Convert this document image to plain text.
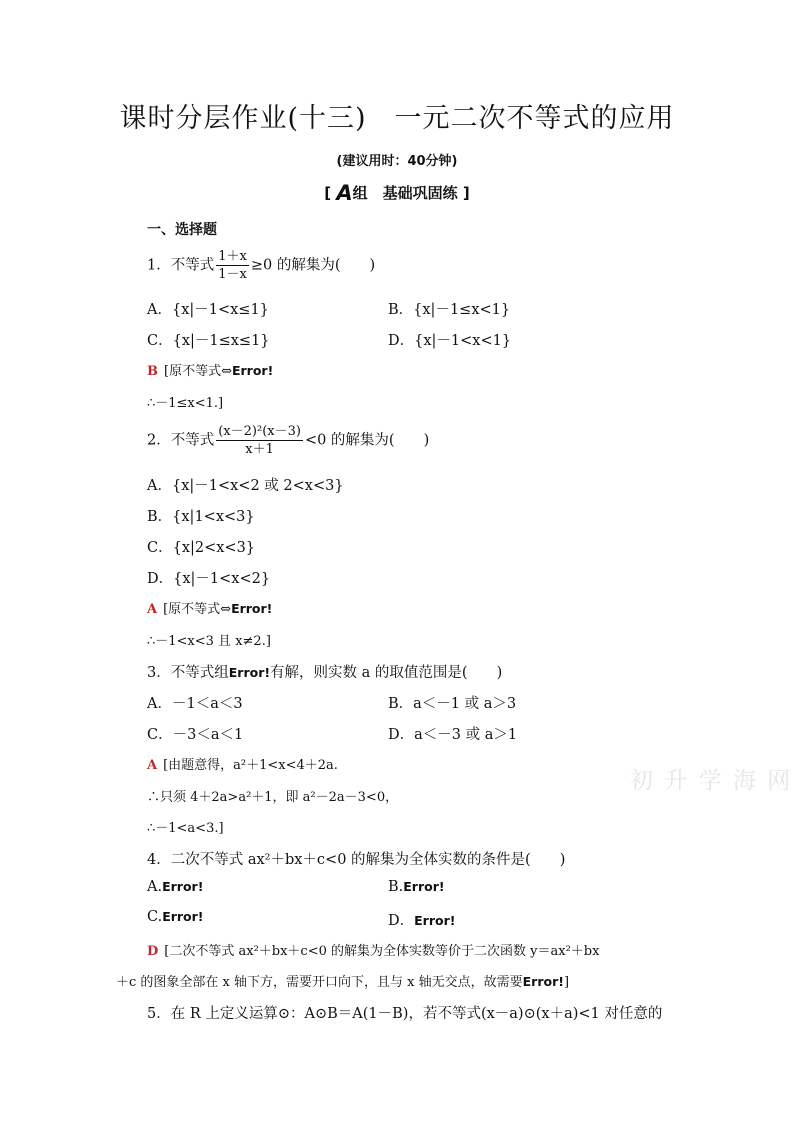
课时分层作业(十三)　一元二次不等式的应用
(建议用时：40分钟)
[ A组　基础巩固练 ]
一、选择题
1．不等式 $\frac{1+x}{1-x} \ge 0$ 的解集为(　　)
A．{x|－1<x≤1}	B．{x|－1≤x<1}
C．{x|－1≤x≤1}	D．{x|－1<x<1}
B [原不等式⇔Error!
∴－1≤x<1.]
2．不等式 $\frac{\text{(x－2)²(x－3)}}{x+1} <0$ 的解集为(　　)
A．{x|－1<x<2 或 2<x<3}
B．{x|1<x<3}
C．{x|2<x<3}
D．{x|－1<x<2}
A [原不等式⇔Error!
∴－1<x<3 且 x≠2.]
3．不等式组Error!有解，则实数 a 的取值范围是(　　)
A．－1＜a＜3	B．a＜－1 或 a＞3
C．－3＜a＜1	D．a＜－3 或 a＞1
A [由题意得，a²＋1<x<4＋2a.
∴只须 4＋2a>a²＋1，即 a²－2a－3<0，
∴－1<a<3.]
4．二次不等式 ax²＋bx＋c<0 的解集为全体实数的条件是(　　)
A.Error!	B.Error!
C.Error!	D．Error!
D [二次不等式 ax²＋bx＋c<0 的解集为全体实数等价于二次函数 y＝ax²＋bx
＋c 的图象全部在 x 轴下方，需要开口向下，且与 x 轴无交点，故需要Error!]
5．在 R 上定义运算⊙：A⊙B＝A(1－B)，若不等式(x－a)⊙(x＋a)<1 对任意的
初 升 学 海 网
